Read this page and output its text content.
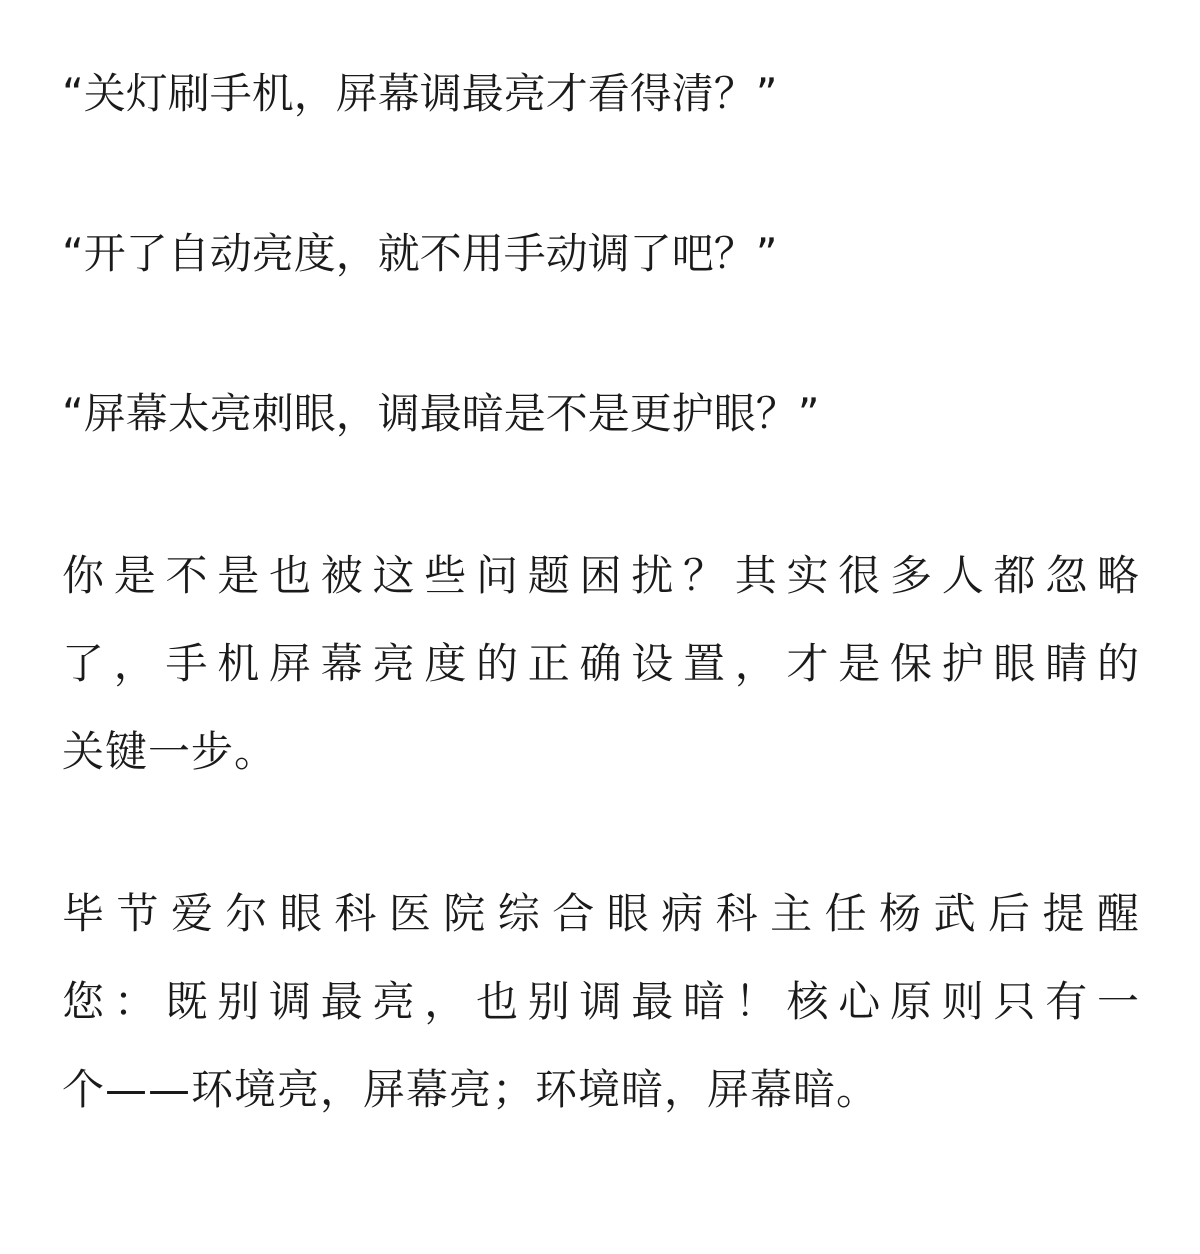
“关灯刷手机，屏幕调最亮才看得清？”

“开了自动亮度，就不用手动调了吧？”

“屏幕太亮刺眼，调最暗是不是更护眼？”

你是不是也被这些问题困扰？其实很多人都忽略
了，手机屏幕亮度的正确设置，才是保护眼睛的
关键一步。
毕节爱尔眼科医院综合眼病科主任杨武后提醒
您：既别调最亮，也别调最暗！核心原则只有一
个——环境亮，屏幕亮；环境暗，屏幕暗。
